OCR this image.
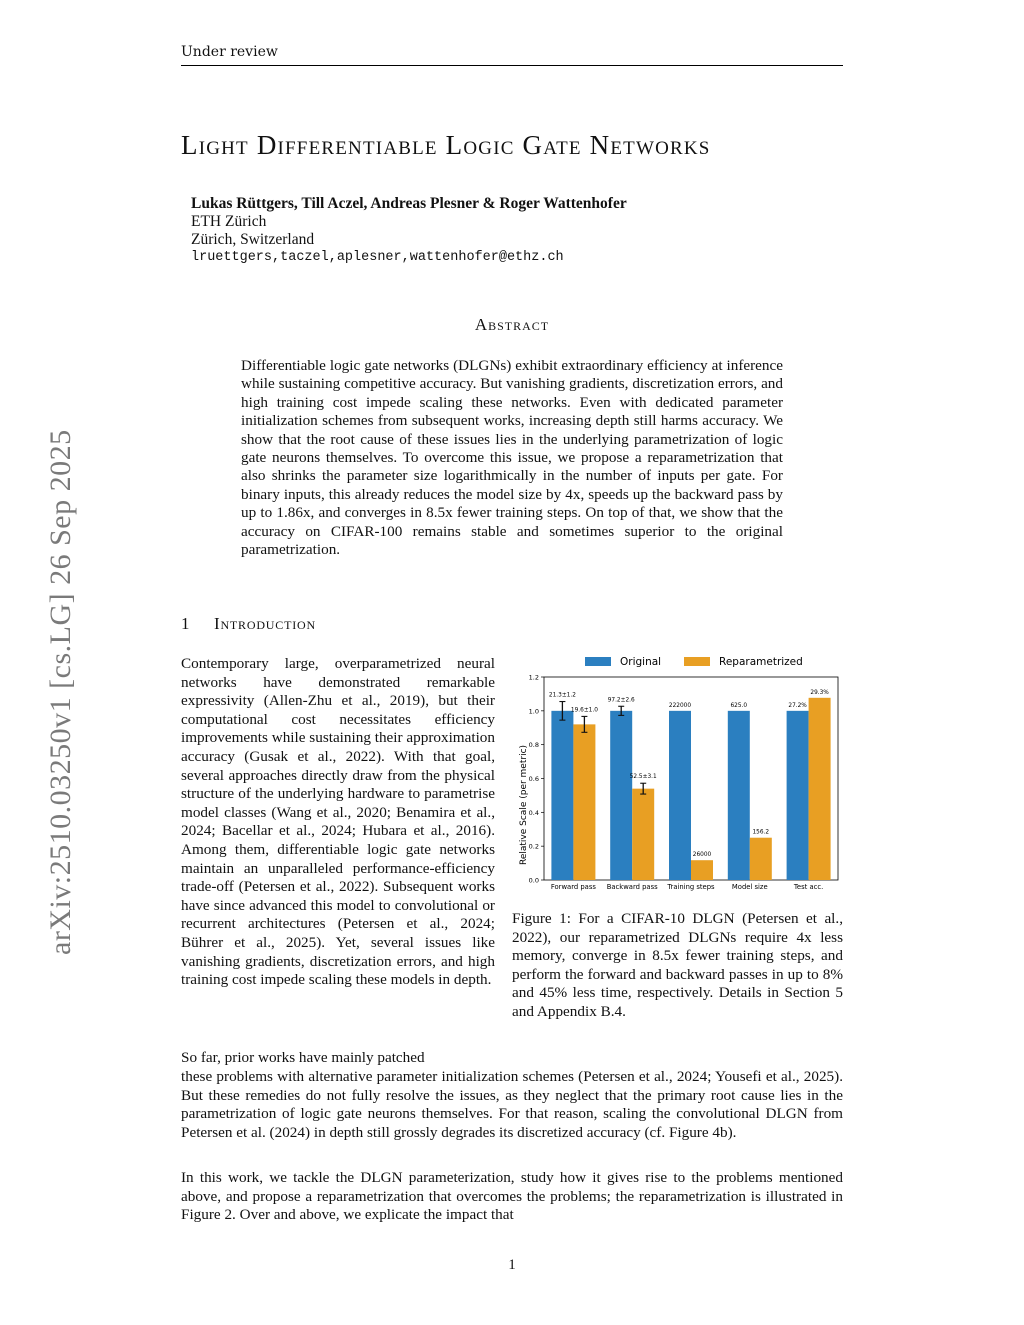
Under review
arXiv:2510.03250v1 [cs.LG] 26 Sep 2025
Light Differentiable Logic Gate Networks
Lukas Rüttgers, Till Aczel, Andreas Plesner & Roger Wattenhofer
ETH Zürich
Zürich, Switzerland
lruettgers,taczel,aplesner,wattenhofer@ethz.ch
Abstract
Differentiable logic gate networks (DLGNs) exhibit extraordinary efficiency at inference while sustaining competitive accuracy. But vanishing gradients, discretization errors, and high training cost impede scaling these networks. Even with dedicated parameter initialization schemes from subsequent works, increasing depth still harms accuracy. We show that the root cause of these issues lies in the underlying parametrization of logic gate neurons themselves. To overcome this issue, we propose a reparametrization that also shrinks the parameter size logarithmically in the number of inputs per gate. For binary inputs, this already reduces the model size by 4x, speeds up the backward pass by up to 1.86x, and converges in 8.5x fewer training steps. On top of that, we show that the accuracy on CIFAR-100 remains stable and sometimes superior to the original parametrization.
1 Introduction
Contemporary large, overparametrized neural networks have demonstrated remarkable expressivity (Allen-Zhu et al., 2019), but their computational cost necessitates efficiency improvements while sustaining their approximation accuracy (Gusak et al., 2022). With that goal, several approaches directly draw from the physical structure of the underlying hardware to parametrise model classes (Wang et al., 2020; Benamira et al., 2024; Bacellar et al., 2024; Hubara et al., 2016). Among them, differentiable logic gate networks maintain an unparalleled performance-efficiency trade-off (Petersen et al., 2022). Subsequent works have since advanced this model to convolutional or recurrent architectures (Petersen et al., 2024; Bührer et al., 2025). Yet, several issues like vanishing gradients, discretization errors, and high training cost impede scaling these models in depth.
Original	Reparametrized
Relative Scale (per metric)
0.0
0.2
0.4
0.6
0.8
1.0
1.2
Forward pass
21.3±1.2
19.6±1.0
Backward pass
97.2±2.6
52.5±3.1
Training steps
222000
26000
Model size
625.0
156.2
Test acc.
27.2%
29.3%
Figure 1: For a CIFAR-10 DLGN (Petersen et al., 2022), our reparametrized DLGNs require 4x less memory, converge in 8.5x fewer training steps, and perform the forward and backward passes in up to 8% and 45% less time, respectively. Details in Section 5 and Appendix B.4.
So far, prior works have mainly patched
these problems with alternative parameter initialization schemes (Petersen et al., 2024; Yousefi et al., 2025). But these remedies do not fully resolve the issues, as they neglect that the primary root cause lies in the parametrization of logic gate neurons themselves. For that reason, scaling the convolutional DLGN from Petersen et al. (2024) in depth still grossly degrades its discretized accuracy (cf. Figure 4b).
In this work, we tackle the DLGN parameterization, study how it gives rise to the problems mentioned above, and propose a reparametrization that overcomes the problems; the reparametrization is illustrated in Figure 2. Over and above, we explicate the impact that
1
